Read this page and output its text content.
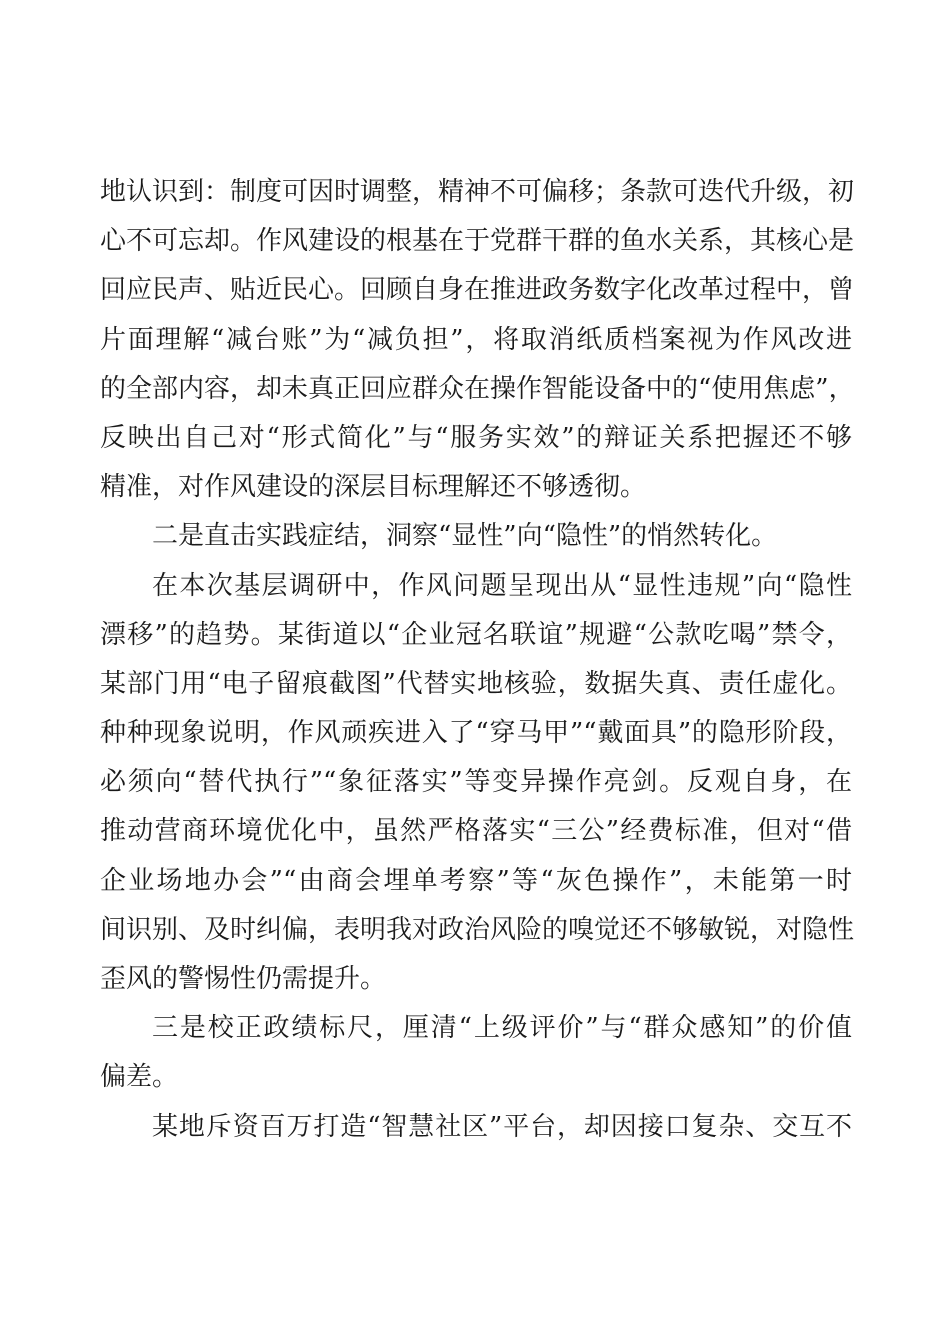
地认识到：制度可因时调整，精神不可偏移；条款可迭代升级，初
心不可忘却。作风建设的根基在于党群干群的鱼水关系，其核心是
回应民声、贴近民心。回顾自身在推进政务数字化改革过程中，曾
片面理解“减台账”为“减负担”，将取消纸质档案视为作风改进
的全部内容，却未真正回应群众在操作智能设备中的“使用焦虑”，
反映出自己对“形式简化”与“服务实效”的辩证关系把握还不够
精准，对作风建设的深层目标理解还不够透彻。
二是直击实践症结，洞察“显性”向“隐性”的悄然转化。
在本次基层调研中，作风问题呈现出从“显性违规”向“隐性
漂移”的趋势。某街道以“企业冠名联谊”规避“公款吃喝”禁令，
某部门用“电子留痕截图”代替实地核验，数据失真、责任虚化。
种种现象说明，作风顽疾进入了“穿马甲”“戴面具”的隐形阶段，
必须向“替代执行”“象征落实”等变异操作亮剑。反观自身，在
推动营商环境优化中，虽然严格落实“三公”经费标准，但对“借
企业场地办会”“由商会埋单考察”等“灰色操作”，未能第一时
间识别、及时纠偏，表明我对政治风险的嗅觉还不够敏锐，对隐性
歪风的警惕性仍需提升。
三是校正政绩标尺，厘清“上级评价”与“群众感知”的价值
偏差。
某地斥资百万打造“智慧社区”平台，却因接口复杂、交互不
